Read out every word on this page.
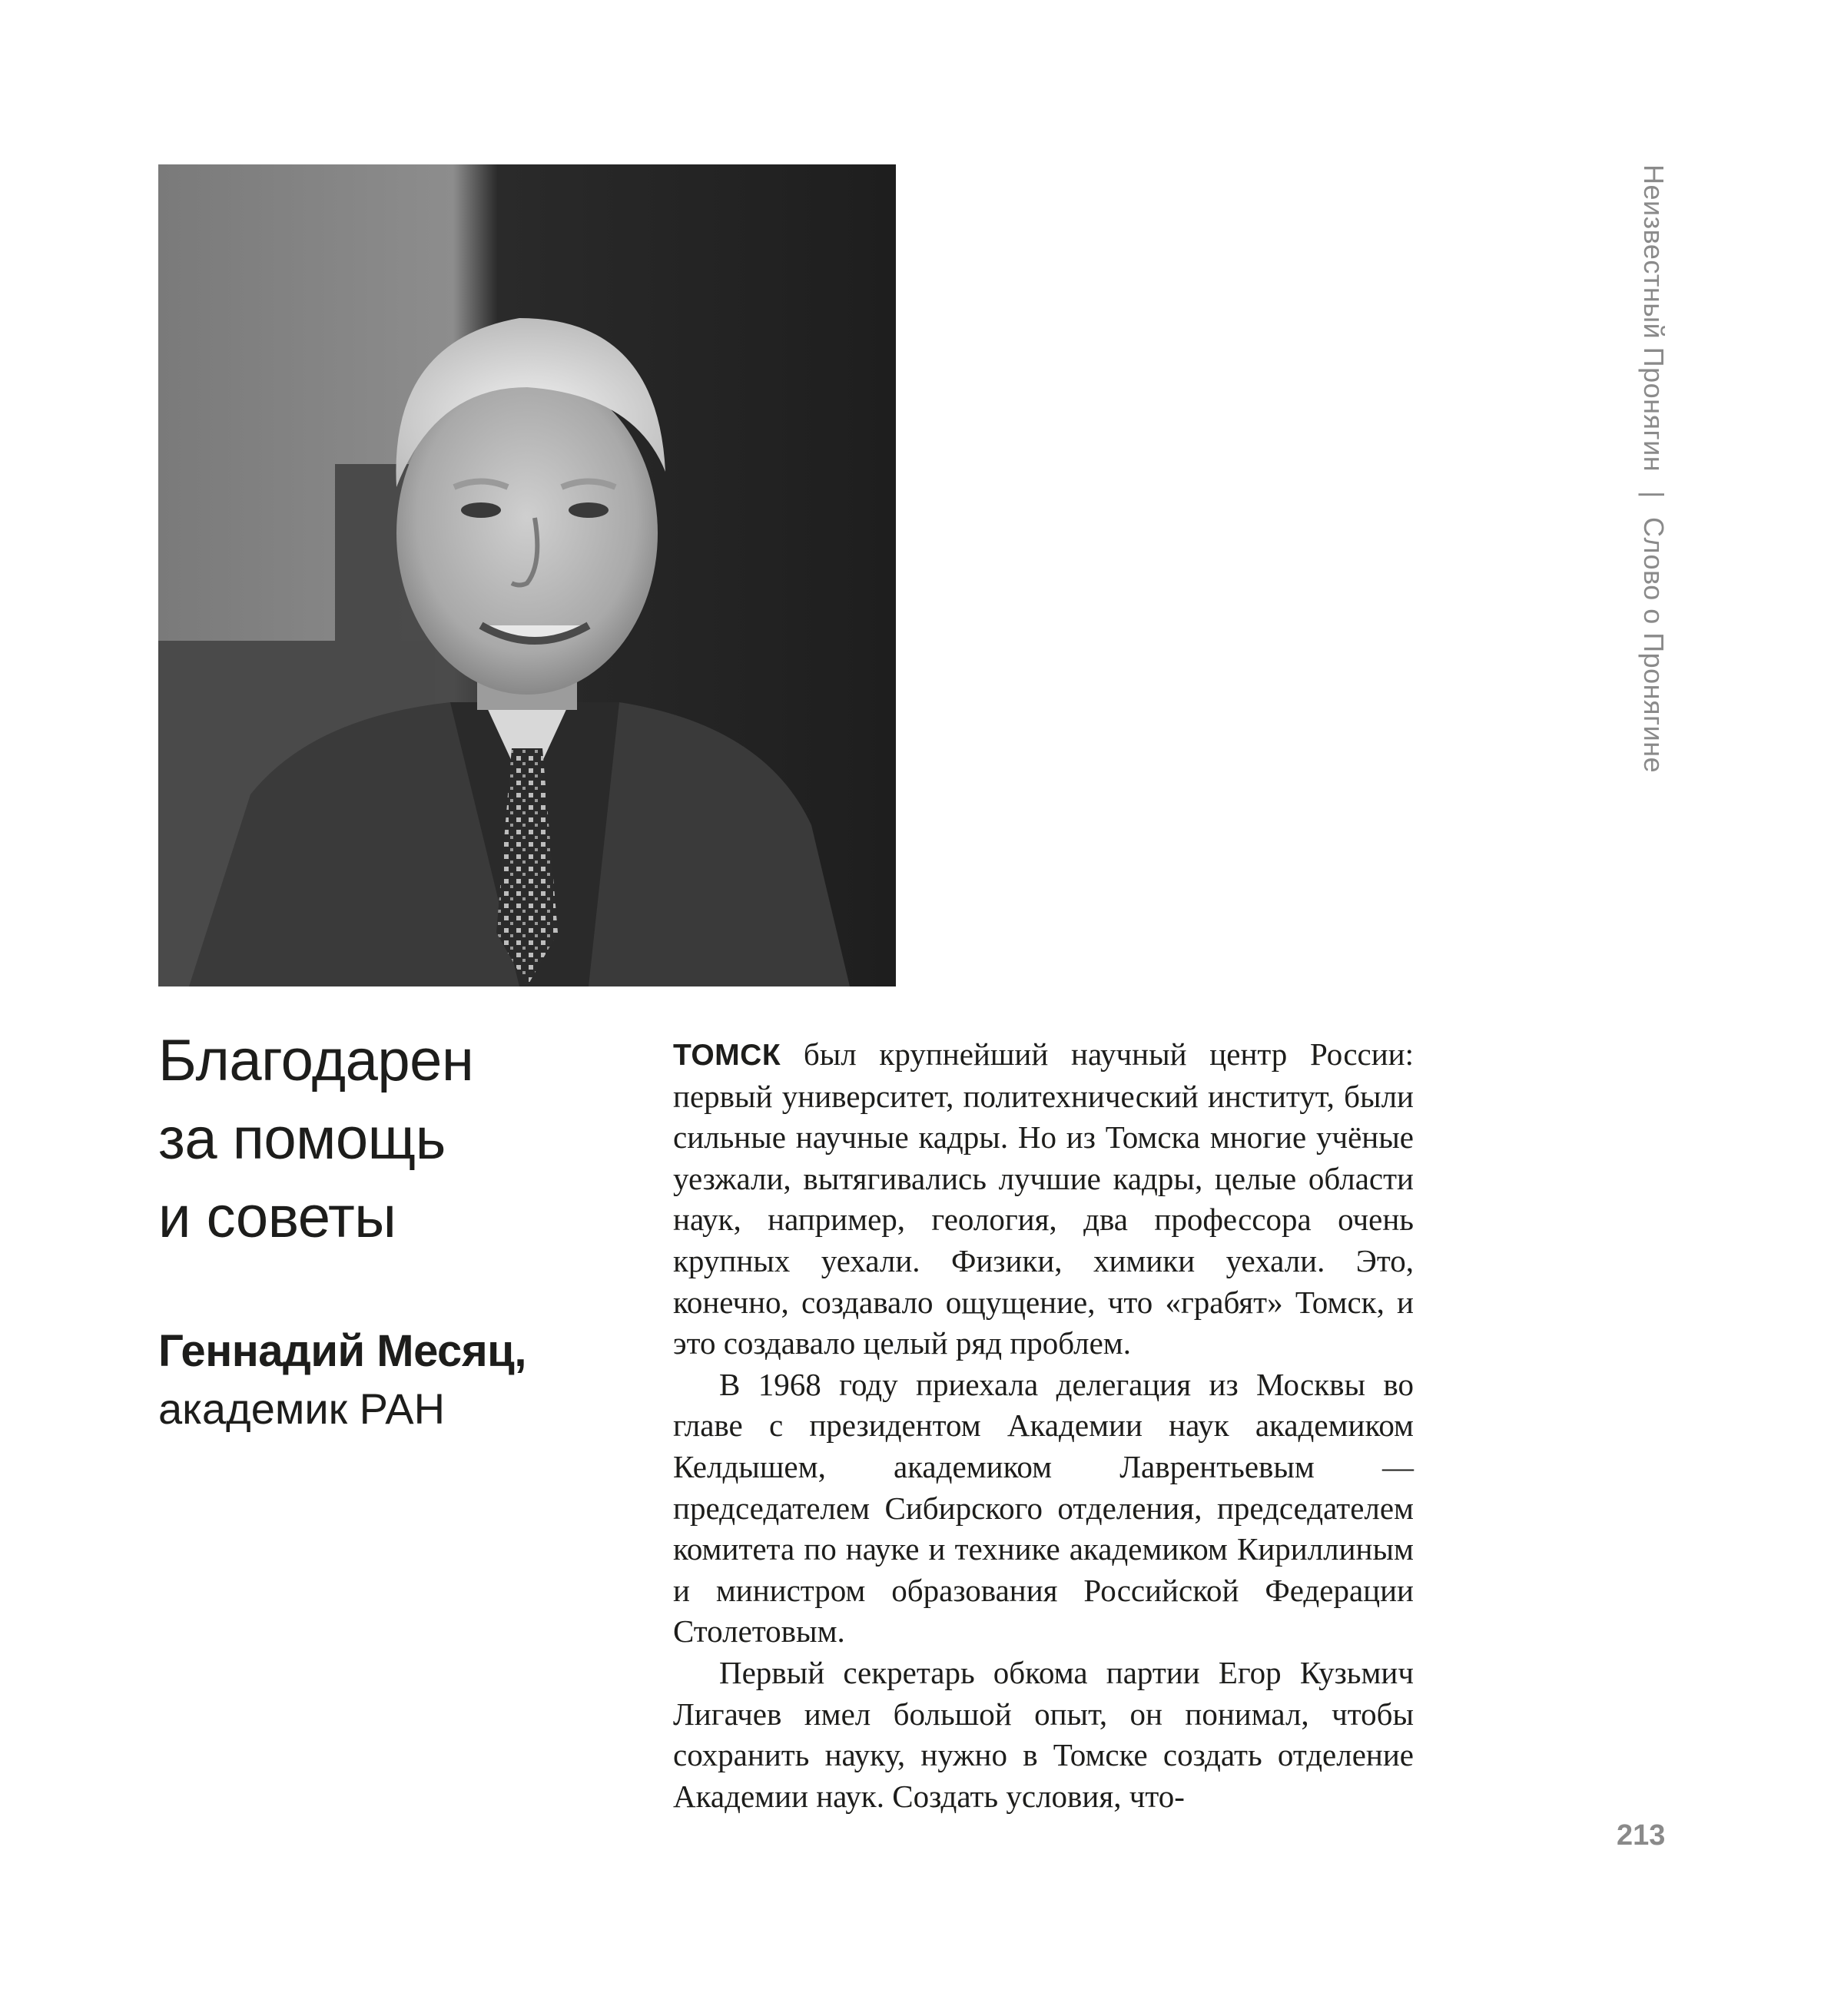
Благодарен
за помощь
и советы
Геннадий Месяц,
академик РАН

ТОМСК был крупнейший научный центр России: первый университет, политехнический институт, были сильные научные кадры. Но из Томска многие учёные уезжали, вытягивались лучшие кадры, целые области наук, например, геология, два профессора очень крупных уехали. Физики, химики уехали. Это, конечно, создавало ощущение, что «грабят» Томск, и это создавало целый ряд проблем.

В 1968 году приехала делегация из Москвы во главе с президентом Академии наук академиком Келдышем, академиком Лаврентьевым — председателем Сибирского отделения, председателем комитета по науке и технике академиком Кириллиным и министром образования Российской Федерации Столетовым.

Первый секретарь обкома партии Егор Кузьмич Лигачев имел большой опыт, он понимал, чтобы сохранить науку, нужно в Томске создать отделение Академии наук. Создать условия, что-

Неизвестный Пронягин | Слово о Пронягине
213
